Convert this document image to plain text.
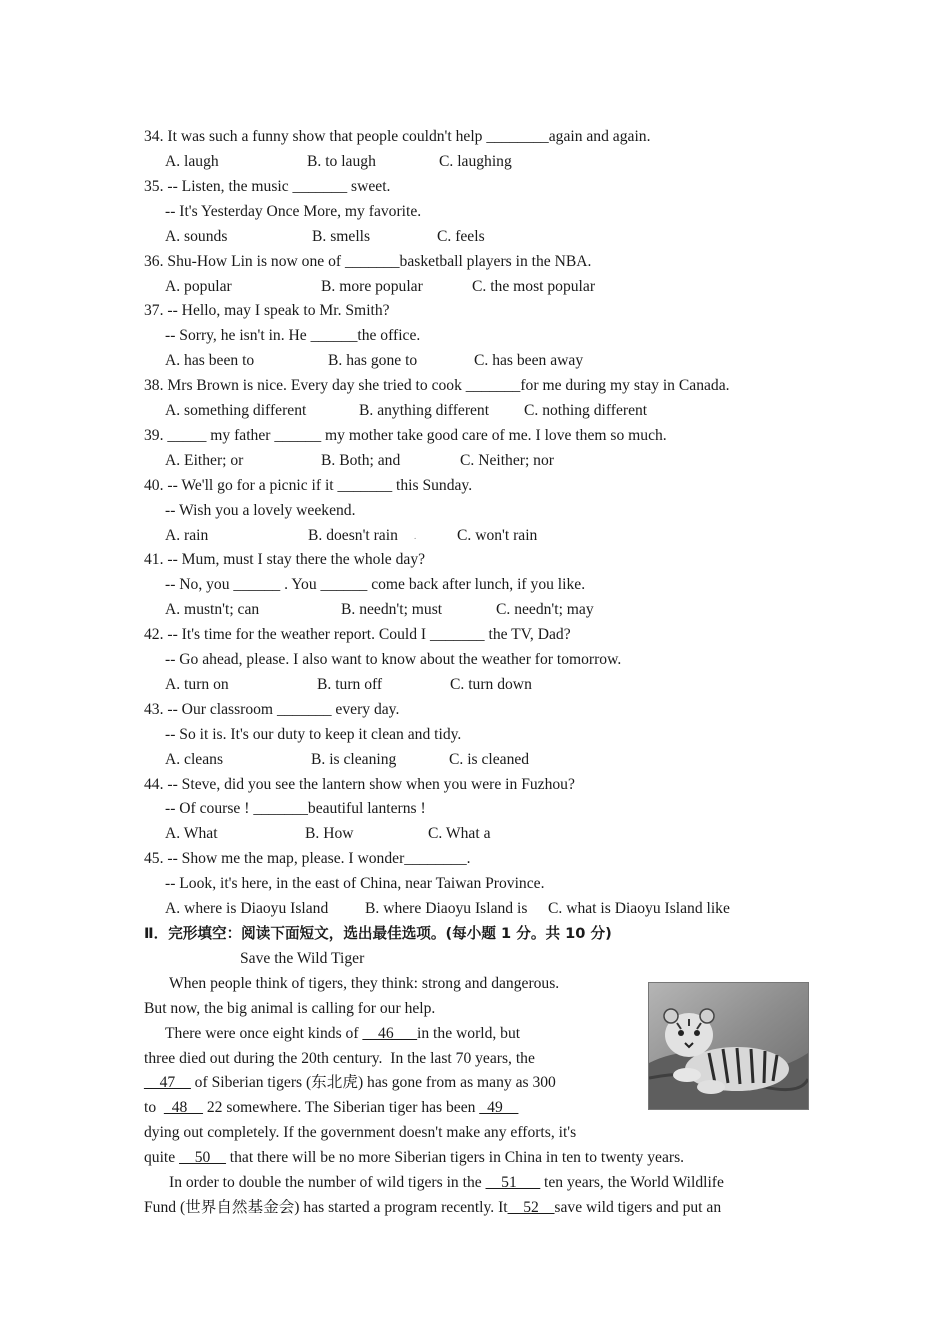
34. It was such a funny show that people couldn't help ________again and again.
A. laugh	B. to laugh	C. laughing
35. -- Listen, the music _______ sweet.
-- It's Yesterday Once More, my favorite.
A. sounds	B. smells	C. feels
36. Shu-How Lin is now one of _______basketball players in the NBA.
A. popular	B. more popular	C. the most popular
37. -- Hello, may I speak to Mr. Smith?
-- Sorry, he isn't in. He ______the office.
A. has been to	B. has gone to	C. has been away
38. Mrs Brown is nice. Every day she tried to cook _______for me during my stay in Canada.
A. something different	B. anything different C. nothing different
39. _____ my father ______ my mother take good care of me. I love them so much.
A. Either; or	B. Both; and	C. Neither; nor
40. -- We'll go for a picnic if it _______ this Sunday.
-- Wish you a lovely weekend.
A. rain	B. doesn't rain .	C. won't rain
41. -- Mum, must I stay there the whole day?
-- No, you ______ . You ______ come back after lunch, if you like.
A. mustn't; can	B. needn't; must	C. needn't; may
42. -- It's time for the weather report. Could I _______ the TV, Dad?
-- Go ahead, please. I also want to know about the weather for tomorrow.
A. turn on	B. turn off	C. turn down
43. -- Our classroom _______ every day.
-- So it is. It's our duty to keep it clean and tidy.
A. cleans	B. is cleaning	C. is cleaned
44. -- Steve, did you see the lantern show when you were in Fuzhou?
-- Of course ! _______beautiful lanterns !
A. What	B. How	C. What a
45. -- Show me the map, please. I wonder________.
-- Look, it's here, in the east of China, near Taiwan Province.
A. where is Diaoyu Island B. where Diaoyu Island is C. what is Diaoyu Island like
Ⅱ．完形填空：阅读下面短文，选出最佳选项。(每小题 1 分。共 10 分)
Save the Wild Tiger
When people think of tigers, they think: strong and dangerous.
But now, the big animal is calling for our help.
There were once eight kinds of __46___in the world, but
three died out during the 20th century.  In the last 70 years, the
__47__ of Siberian tigers (东北虎) has gone from as many as 300
to  _48__ 22 somewhere. The Siberian tiger has been _49__
dying out completely. If the government doesn't make any efforts, it's
quite __50__ that there will be no more Siberian tigers in China in ten to twenty years.
In order to double the number of wild tigers in the __51___ ten years, the World Wildlife
Fund (世界自然基金会) has started a program recently. It__52__save wild tigers and put an
